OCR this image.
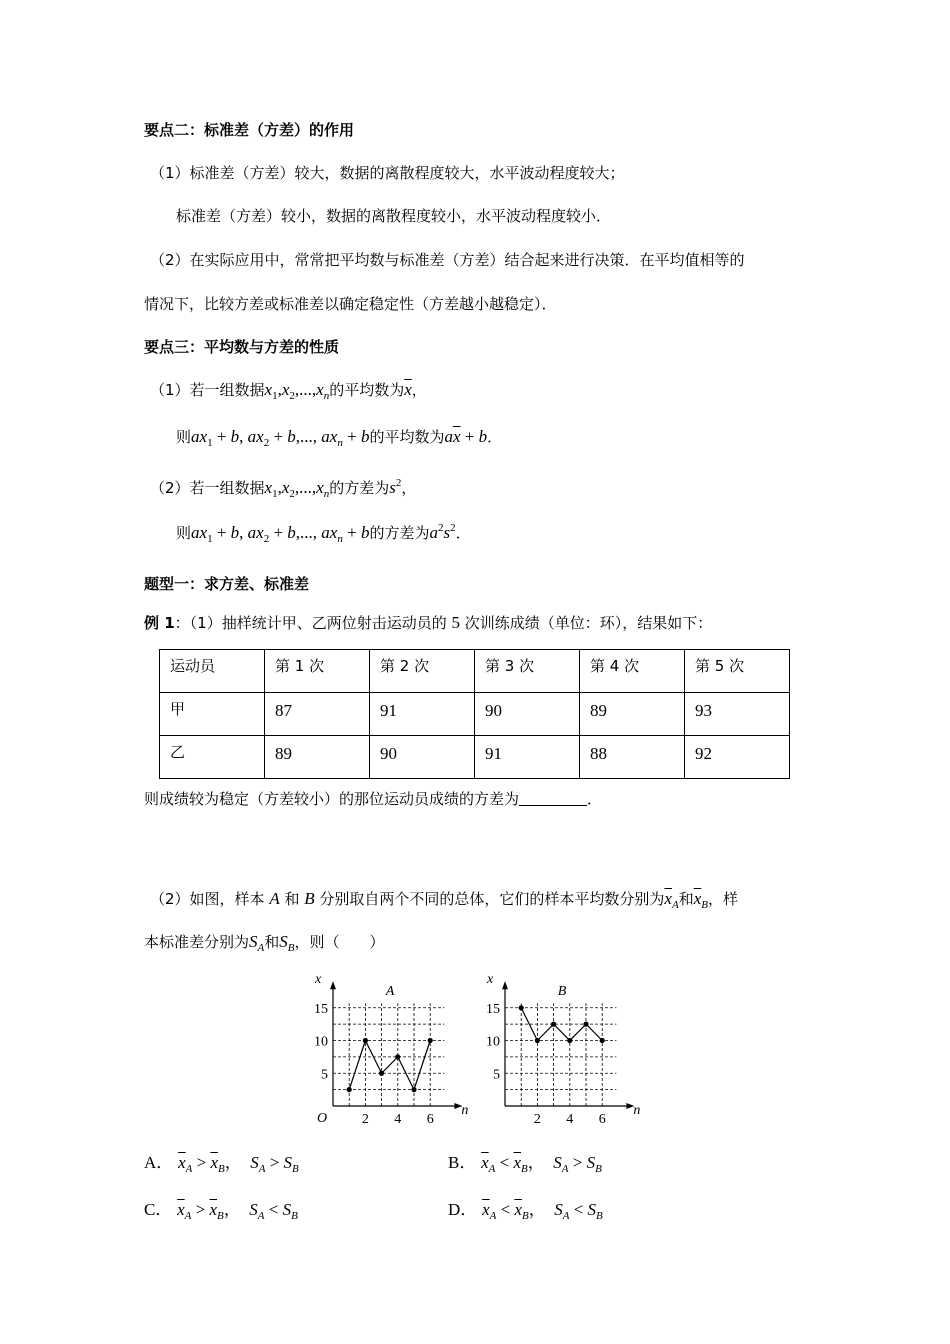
要点二：标准差（方差）的作用
（1）标准差（方差）较大，数据的离散程度较大，水平波动程度较大；
标准差（方差）较小，数据的离散程度较小，水平波动程度较小．
（2）在实际应用中，常常把平均数与标准差（方差）结合起来进行决策．在平均值相等的
情况下，比较方差或标准差以确定稳定性（方差越小越稳定）．
要点三：平均数与方差的性质
（1）若一组数据$x_1,x_2,...,x_n$的平均数为$\overline{x}$，
则$ax_1 + b$, $ax_2 + b$,..., $ax_n + b$的平均数为$a\overline{x} + b$．
（2）若一组数据$x_1,x_2,...,x_n$的方差为$s^2$，
则$ax_1 + b$, $ax_2 + b$,..., $ax_n + b$的方差为$a^2s^2$．
题型一：求方差、标准差
例 1：（1）抽样统计甲、乙两位射击运动员的 5 次训练成绩（单位：环），结果如下：
运动员	第 1 次	第 2 次	第 3 次	第 4 次	第 5 次
甲	87	91	90	89	93
乙	89	90	91	88	92
则成绩较为稳定（方差较小）的那位运动员成绩的方差为	．
（2）如图，样本 A 和 B 分别取自两个不同的总体，它们的样本平均数分别为$\overline{x}_A$和$\overline{x}_B$，样
本标准差分别为$S_A$和$S_B$，则（　　）
x
n
A
O
5
10
15
2 4 6
x
n
B
5
10
15
2 4 6
A． $\overline{x}_A > \overline{x}_B$，  $S_A > S_B$	B． $\overline{x}_A < \overline{x}_B$，  $S_A > S_B$
C． $\overline{x}_A > \overline{x}_B$，  $S_A < S_B$	D． $\overline{x}_A < \overline{x}_B$，  $S_A < S_B$
